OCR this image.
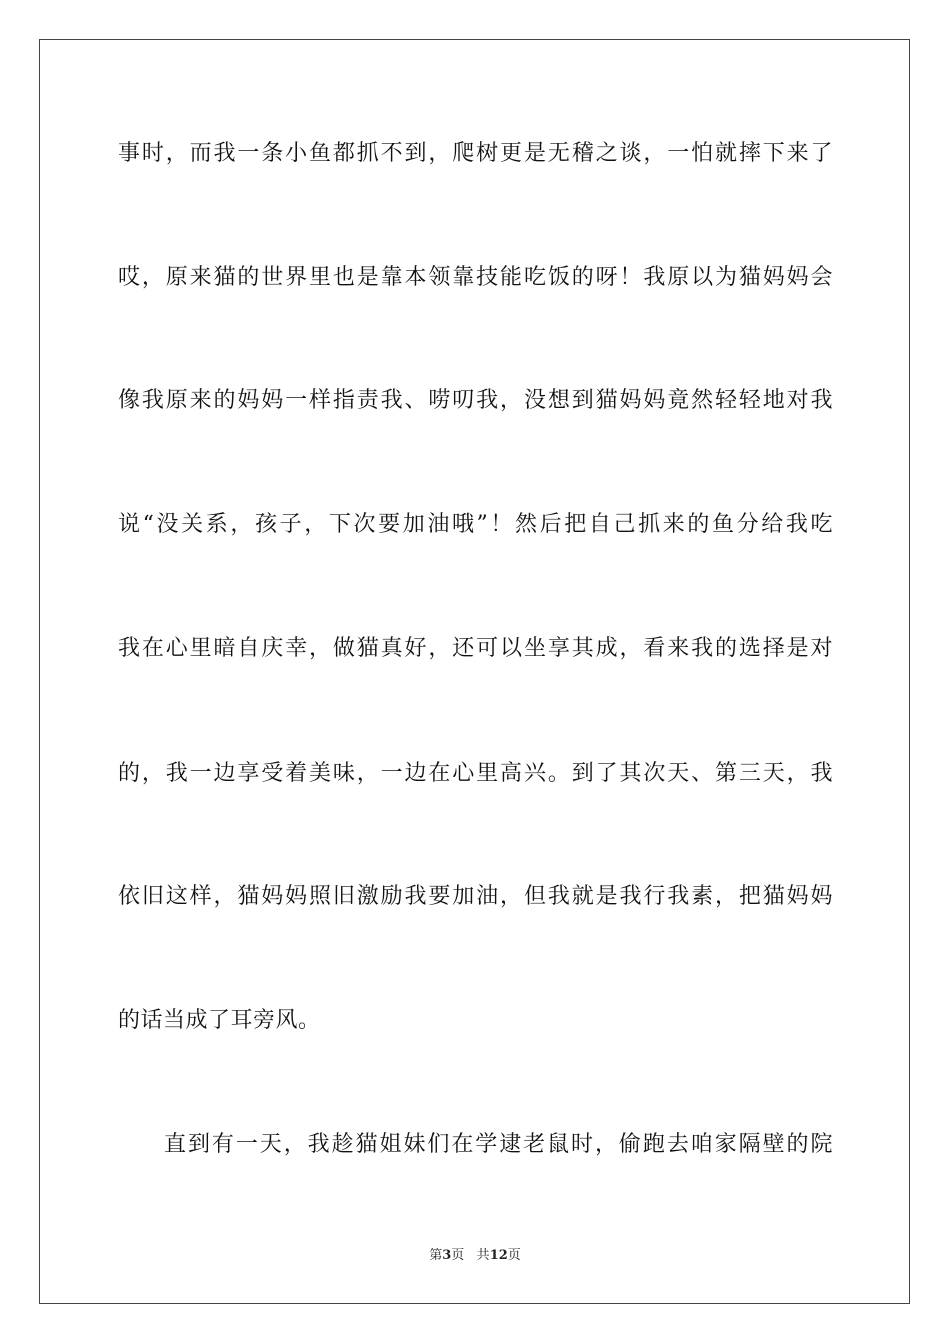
事时，而我一条小鱼都抓不到，爬树更是无稽之谈，一怕就摔下来了
哎，原来猫的世界里也是靠本领靠技能吃饭的呀！我原以为猫妈妈会
像我原来的妈妈一样指责我、唠叨我，没想到猫妈妈竟然轻轻地对我
说“没关系，孩子，下次要加油哦”！然后把自己抓来的鱼分给我吃
我在心里暗自庆幸，做猫真好，还可以坐享其成，看来我的选择是对
的，我一边享受着美味，一边在心里高兴。到了其次天、第三天，我
依旧这样，猫妈妈照旧激励我要加油，但我就是我行我素，把猫妈妈
的话当成了耳旁风。
直到有一天，我趁猫姐妹们在学逮老鼠时，偷跑去咱家隔壁的院
第3页 共12页
